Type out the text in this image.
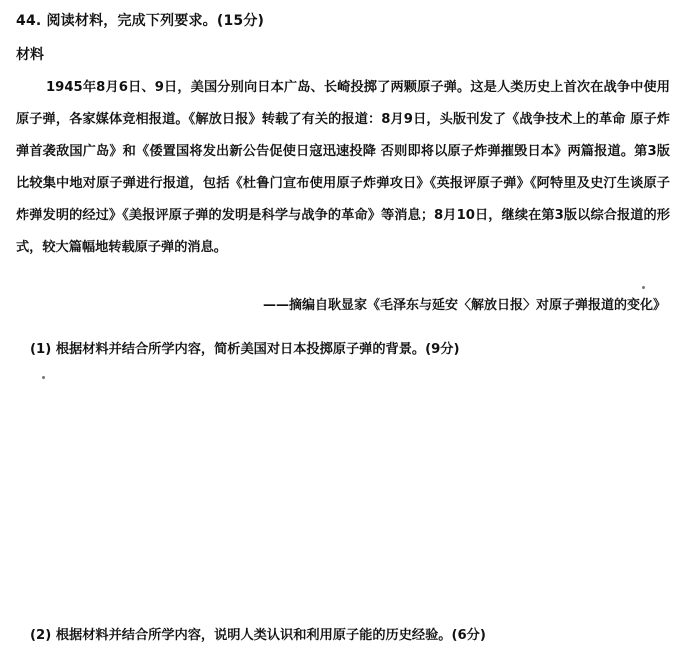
44. 阅读材料，完成下列要求。(15分)
材料
1945年8月6日、9日，美国分别向日本广岛、长崎投掷了两颗原子弹。这是人类历史上首次在战争中使用原子弹，各家媒体竞相报道。《解放日报》转载了有关的报道：8月9日，头版刊发了《战争技术上的革命 原子炸弹首袭敌国广岛》和《倭置国将发出新公告促使日寇迅速投降 否则即将以原子炸弹摧毁日本》两篇报道。第3版比较集中地对原子弹进行报道，包括《杜鲁门宣布使用原子炸弹攻日》《英报评原子弹》《阿特里及史汀生谈原子炸弹发明的经过》《美报评原子弹的发明是科学与战争的革命》等消息；8月10日，继续在第3版以综合报道的形式，较大篇幅地转载原子弹的消息。
——摘编自耿显家《毛泽东与延安〈解放日报〉对原子弹报道的变化》
(1) 根据材料并结合所学内容，简析美国对日本投掷原子弹的背景。(9分)
(2) 根据材料并结合所学内容，说明人类认识和利用原子能的历史经验。(6分)
